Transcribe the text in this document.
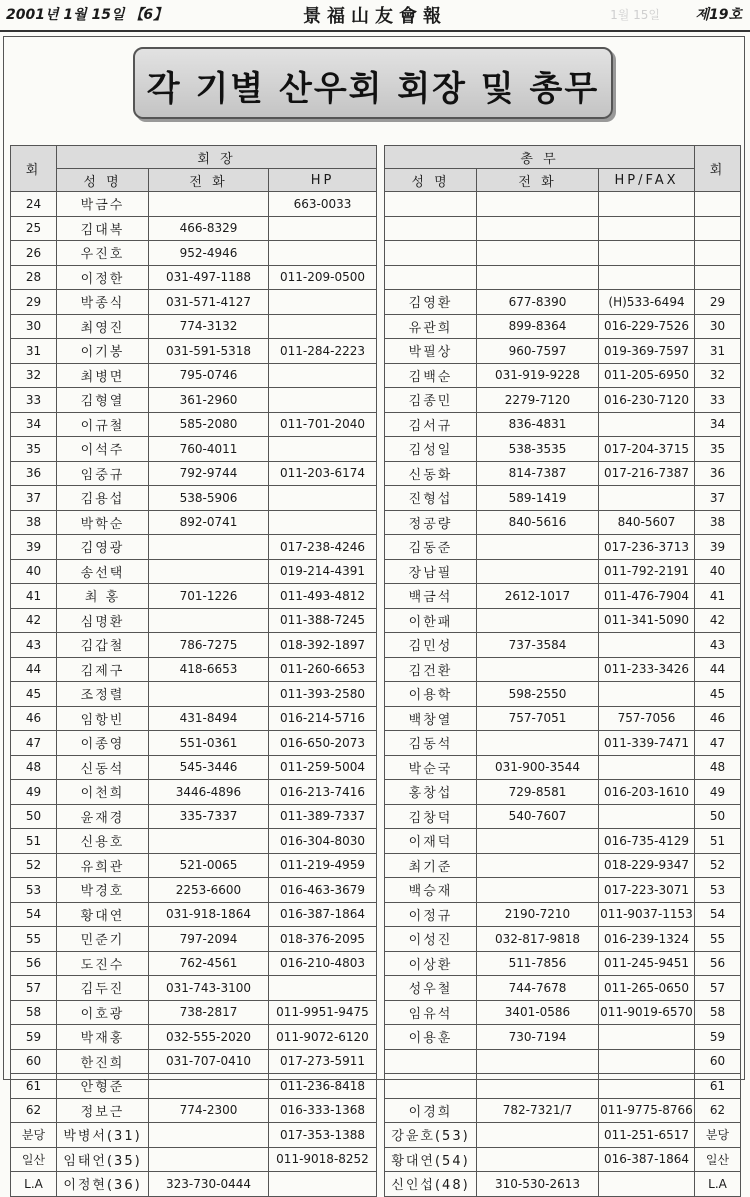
2001년 1월 15일 【6】	景福山友會報	1월 15일	제19호
각 기별 산우회 회장 및 총무
회	회 장		
	성 명	전 화	HP
24	박금수		663-0033
25	김대복	466-8329	
26	우진호	952-4946	
28	이정한	031-497-1188	011-209-0500
29	박종식	031-571-4127	
30	최영진	774-3132	
31	이기봉	031-591-5318	011-284-2223
32	최병면	795-0746	
33	김형열	361-2960	
34	이규철	585-2080	011-701-2040
35	이석주	760-4011	
36	임중규	792-9744	011-203-6174
37	김용섭	538-5906	
38	박학순	892-0741	
39	김영광		017-238-4246
40	송선택		019-214-4391
41	최 홍	701-1226	011-493-4812
42	심명환		011-388-7245
43	김갑철	786-7275	018-392-1897
44	김제구	418-6653	011-260-6653
45	조정렬		011-393-2580
46	임항빈	431-8494	016-214-5716
47	이종영	551-0361	016-650-2073
48	신동석	545-3446	011-259-5004
49	이천희	3446-4896	016-213-7416
50	윤재경	335-7337	011-389-7337
51	신용호		016-304-8030
52	유희관	521-0065	011-219-4959
53	박경호	2253-6600	016-463-3679
54	황대연	031-918-1864	016-387-1864
55	민준기	797-2094	018-376-2095
56	도진수	762-4561	016-210-4803
57	김두진	031-743-3100	
58	이호광	738-2817	011-9951-9475
59	박재홍	032-555-2020	011-9072-6120
60	한진희	031-707-0410	017-273-5911
61	안형준		011-236-8418
62	정보근	774-2300	016-333-1368
분당	박병서(31)		017-353-1388
일산	임태언(35)		011-9018-8252
L.A	이정현(36)	323-730-0444	
총 무			회
성 명	전 화	HP/FAX	

김영환	677-8390	(H)533-6494	29
유관희	899-8364	016-229-7526	30
박필상	960-7597	019-369-7597	31
김백순	031-919-9228	011-205-6950	32
김종민	2279-7120	016-230-7120	33
김서규	836-4831		34
김성일	538-3535	017-204-3715	35
신동화	814-7387	017-216-7387	36
진형섭	589-1419		37
정공량	840-5616	840-5607	38
김동준		017-236-3713	39
장남필		011-792-2191	40
백금석	2612-1017	011-476-7904	41
이한패		011-341-5090	42
김민성	737-3584		43
김건환		011-233-3426	44
이용학	598-2550		45
백창열	757-7051	757-7056	46
김동석		011-339-7471	47
박순국	031-900-3544		48
홍창섭	729-8581	016-203-1610	49
김창덕	540-7607		50
이재덕		016-735-4129	51
최기준		018-229-9347	52
백승재		017-223-3071	53
이정규	2190-7210	011-9037-1153	54
이성진	032-817-9818	016-239-1324	55
이상환	511-7856	011-245-9451	56
성우철	744-7678	011-265-0650	57
임유석	3401-0586	011-9019-6570	58
이용훈	730-7194		59
			60
			61
이경희	782-7321/7	011-9775-8766	62
강윤호(53)		011-251-6517	분당
황대연(54)		016-387-1864	일산
신인섭(48)	310-530-2613		L.A
